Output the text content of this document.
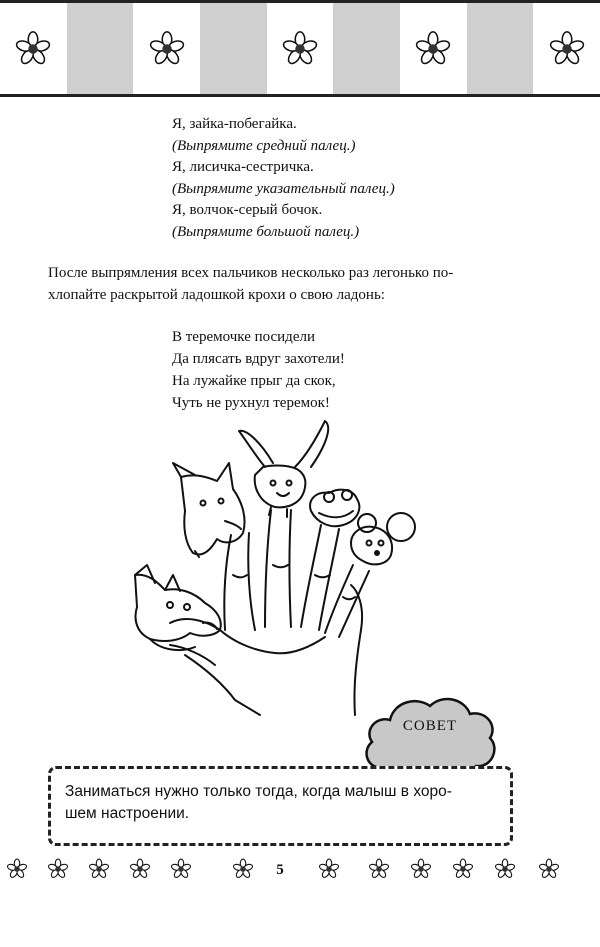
Я, зайка-побегайка.
(Выпрямите средний палец.)
Я, лисичка-сестричка.
(Выпрямите указательный палец.)
Я, волчок-серый бочок.
(Выпрямите большой палец.)
После выпрямления всех пальчиков несколько раз легонько по-
хлопайте раскрытой ладошкой крохи о свою ладонь:
В теремочке посидели
Да плясать вдруг захотели!
На лужайке прыг да скок,
Чуть не рухнул теремок!
СОВЕТ
Заниматься нужно только тогда, когда малыш в хоро-
шем настроении.
5
